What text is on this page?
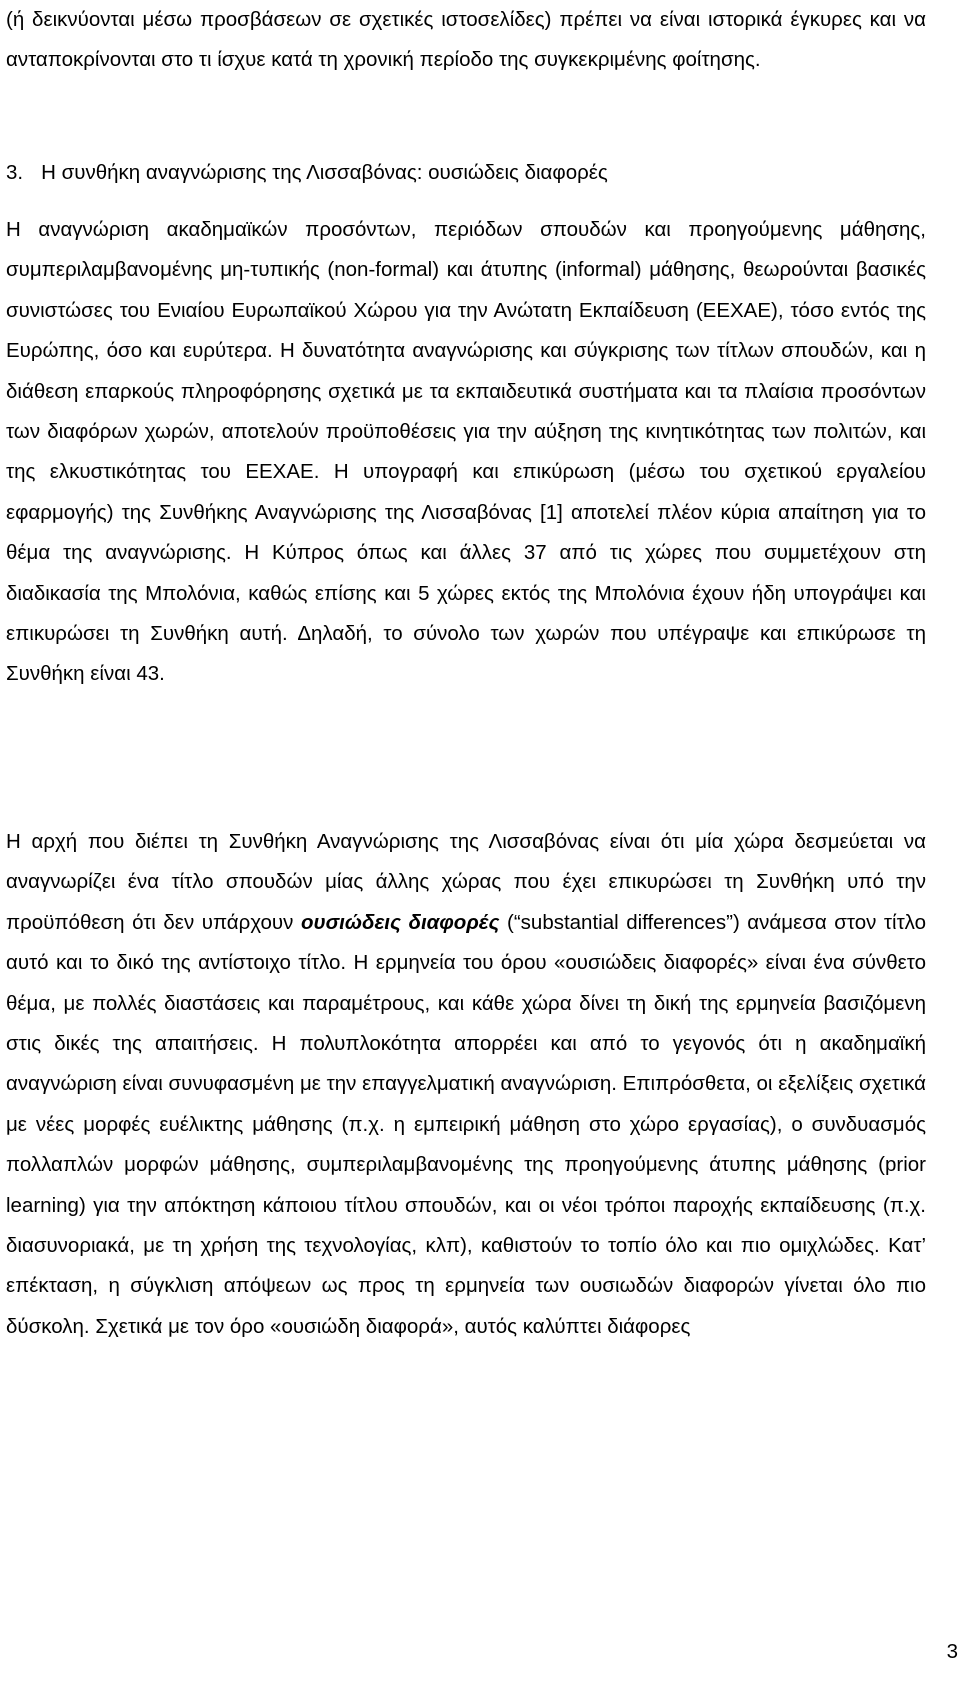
(ή δεικνύονται μέσω προσβάσεων σε σχετικές ιστοσελίδες) πρέπει να είναι ιστορικά έγκυρες και να ανταποκρίνονται στο τι ίσχυε κατά τη χρονική περίοδο της συγκεκριμένης φοίτησης.

3. Η συνθήκη αναγνώρισης της Λισσαβόνας: ουσιώδεις διαφορές

Η αναγνώριση ακαδημαϊκών προσόντων, περιόδων σπουδών και προηγούμενης μάθησης, συμπεριλαμβανομένης μη-τυπικής (non-formal) και άτυπης (informal) μάθησης, θεωρούνται βασικές συνιστώσες του Ενιαίου Ευρωπαϊκού Χώρου για την Ανώτατη Εκπαίδευση (ΕΕΧΑΕ), τόσο εντός της Ευρώπης, όσο και ευρύτερα. Η δυνατότητα αναγνώρισης και σύγκρισης των τίτλων σπουδών, και η διάθεση επαρκούς πληροφόρησης σχετικά με τα εκπαιδευτικά συστήματα και τα πλαίσια προσόντων των διαφόρων χωρών, αποτελούν προϋποθέσεις για την αύξηση της κινητικότητας των πολιτών, και της ελκυστικότητας του ΕΕΧΑΕ. Η υπογραφή και επικύρωση (μέσω του σχετικού εργαλείου εφαρμογής) της Συνθήκης Αναγνώρισης της Λισσαβόνας [1] αποτελεί πλέον κύρια απαίτηση για το θέμα της αναγνώρισης. Η Κύπρος όπως και άλλες 37 από τις χώρες που συμμετέχουν στη διαδικασία της Μπολόνια, καθώς επίσης και 5 χώρες εκτός της Μπολόνια έχουν ήδη υπογράψει και επικυρώσει τη Συνθήκη αυτή. Δηλαδή, το σύνολο των χωρών που υπέγραψε και επικύρωσε τη Συνθήκη είναι 43.

Η αρχή που διέπει τη Συνθήκη Αναγνώρισης της Λισσαβόνας είναι ότι μία χώρα δεσμεύεται να αναγνωρίζει ένα τίτλο σπουδών μίας άλλης χώρας που έχει επικυρώσει τη Συνθήκη υπό την προϋπόθεση ότι δεν υπάρχουν ουσιώδεις διαφορές (“substantial differences”) ανάμεσα στον τίτλο αυτό και το δικό της αντίστοιχο τίτλο. Η ερμηνεία του όρου «ουσιώδεις διαφορές» είναι ένα σύνθετο θέμα, με πολλές διαστάσεις και παραμέτρους, και κάθε χώρα δίνει τη δική της ερμηνεία βασιζόμενη στις δικές της απαιτήσεις. Η πολυπλοκότητα απορρέει και από το γεγονός ότι η ακαδημαϊκή αναγνώριση είναι συνυφασμένη με την επαγγελματική αναγνώριση. Επιπρόσθετα, οι εξελίξεις σχετικά με νέες μορφές ευέλικτης μάθησης (π.χ. η εμπειρική μάθηση στο χώρο εργασίας), ο συνδυασμός πολλαπλών μορφών μάθησης, συμπεριλαμβανομένης της προηγούμενης άτυπης μάθησης (prior learning) για την απόκτηση κάποιου τίτλου σπουδών, και οι νέοι τρόποι παροχής εκπαίδευσης (π.χ. διασυνοριακά, με τη χρήση της τεχνολογίας, κλπ), καθιστούν το τοπίο όλο και πιο ομιχλώδες. Κατ’ επέκταση, η σύγκλιση απόψεων ως προς τη ερμηνεία των ουσιωδών διαφορών γίνεται όλο πιο δύσκολη. Σχετικά με τον όρο «ουσιώδη διαφορά», αυτός καλύπτει διάφορες

3
